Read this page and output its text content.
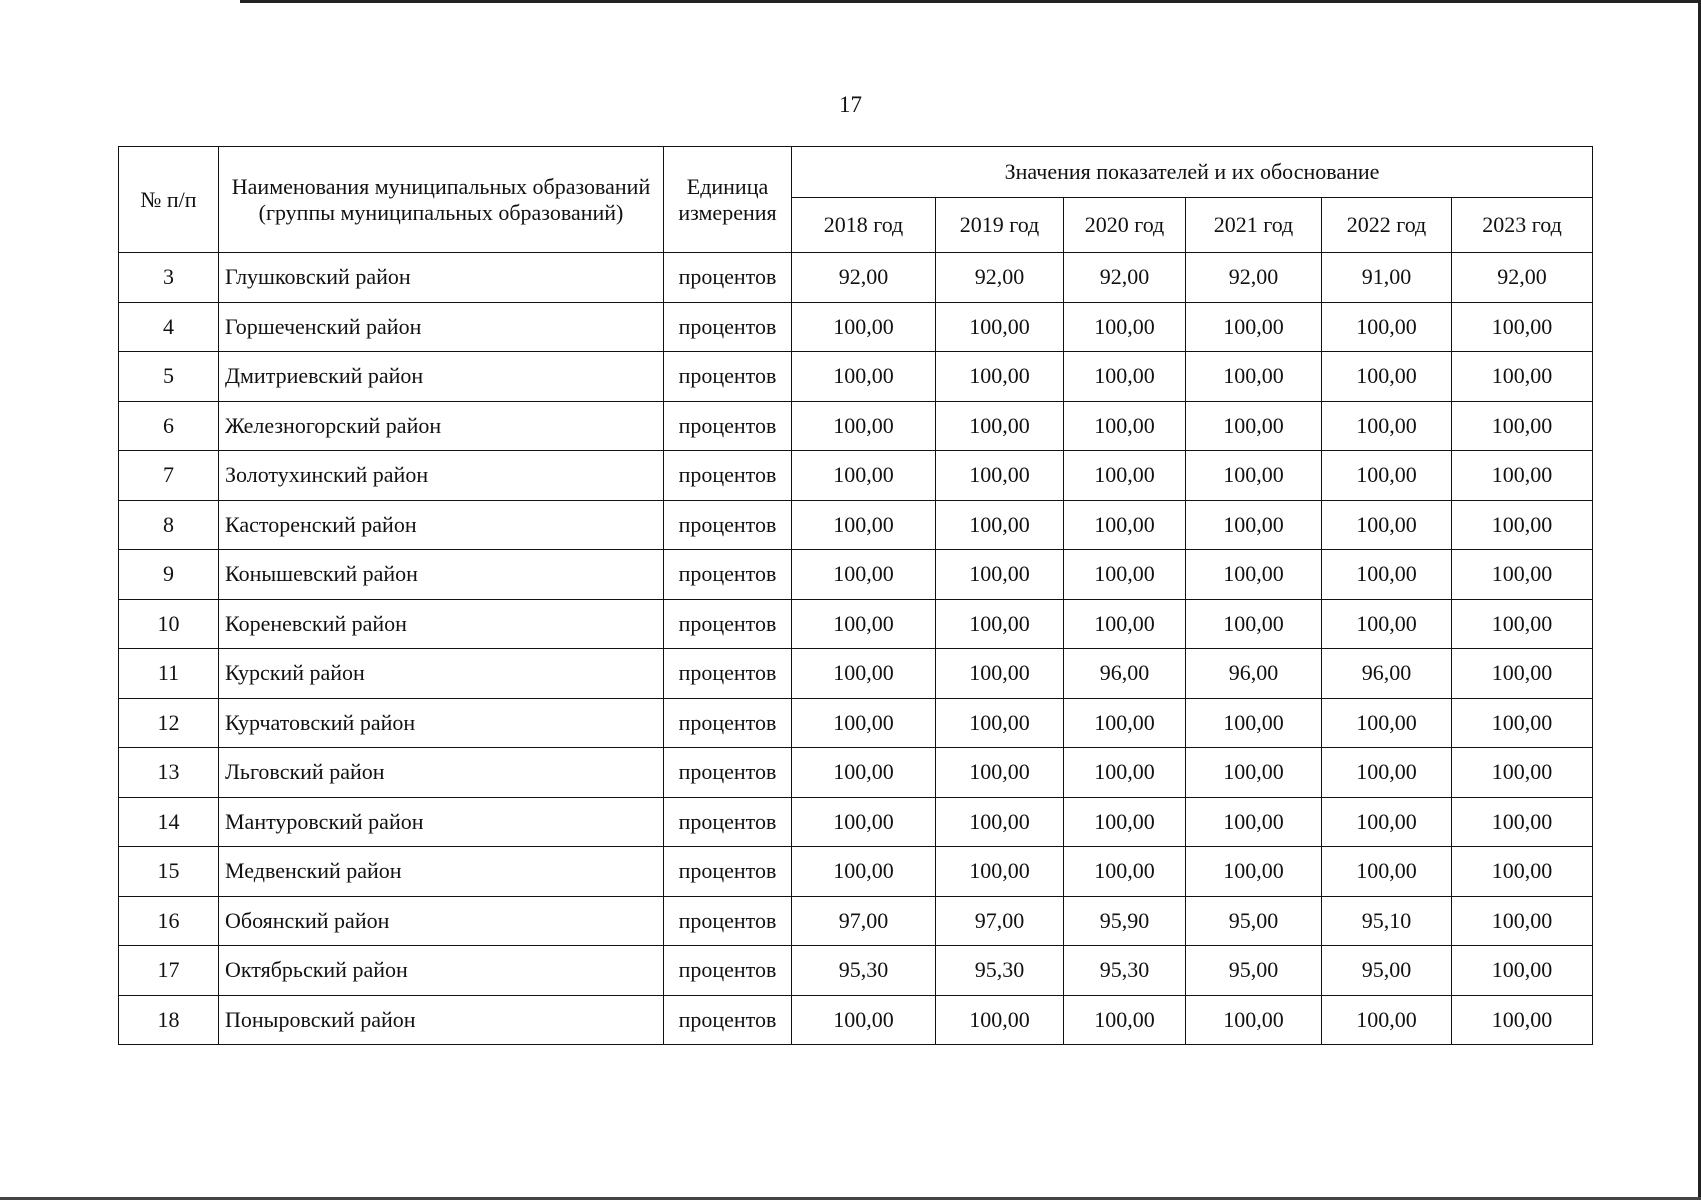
17
№ п/п	Наименования муниципальных образований (группы муниципальных образований)	Единица измерения	Значения показателей и их обоснование					
			2018 год	2019 год	2020 год	2021 год	2022 год	2023 год
3	Глушковский район	процентов	92,00	92,00	92,00	92,00	91,00	92,00
4	Горшеченский район	процентов	100,00	100,00	100,00	100,00	100,00	100,00
5	Дмитриевский район	процентов	100,00	100,00	100,00	100,00	100,00	100,00
6	Железногорский район	процентов	100,00	100,00	100,00	100,00	100,00	100,00
7	Золотухинский район	процентов	100,00	100,00	100,00	100,00	100,00	100,00
8	Касторенский район	процентов	100,00	100,00	100,00	100,00	100,00	100,00
9	Конышевский район	процентов	100,00	100,00	100,00	100,00	100,00	100,00
10	Кореневский район	процентов	100,00	100,00	100,00	100,00	100,00	100,00
11	Курский район	процентов	100,00	100,00	96,00	96,00	96,00	100,00
12	Курчатовский район	процентов	100,00	100,00	100,00	100,00	100,00	100,00
13	Льговский район	процентов	100,00	100,00	100,00	100,00	100,00	100,00
14	Мантуровский район	процентов	100,00	100,00	100,00	100,00	100,00	100,00
15	Медвенский район	процентов	100,00	100,00	100,00	100,00	100,00	100,00
16	Обоянский район	процентов	97,00	97,00	95,90	95,00	95,10	100,00
17	Октябрьский район	процентов	95,30	95,30	95,30	95,00	95,00	100,00
18	Поныровский район	процентов	100,00	100,00	100,00	100,00	100,00	100,00
